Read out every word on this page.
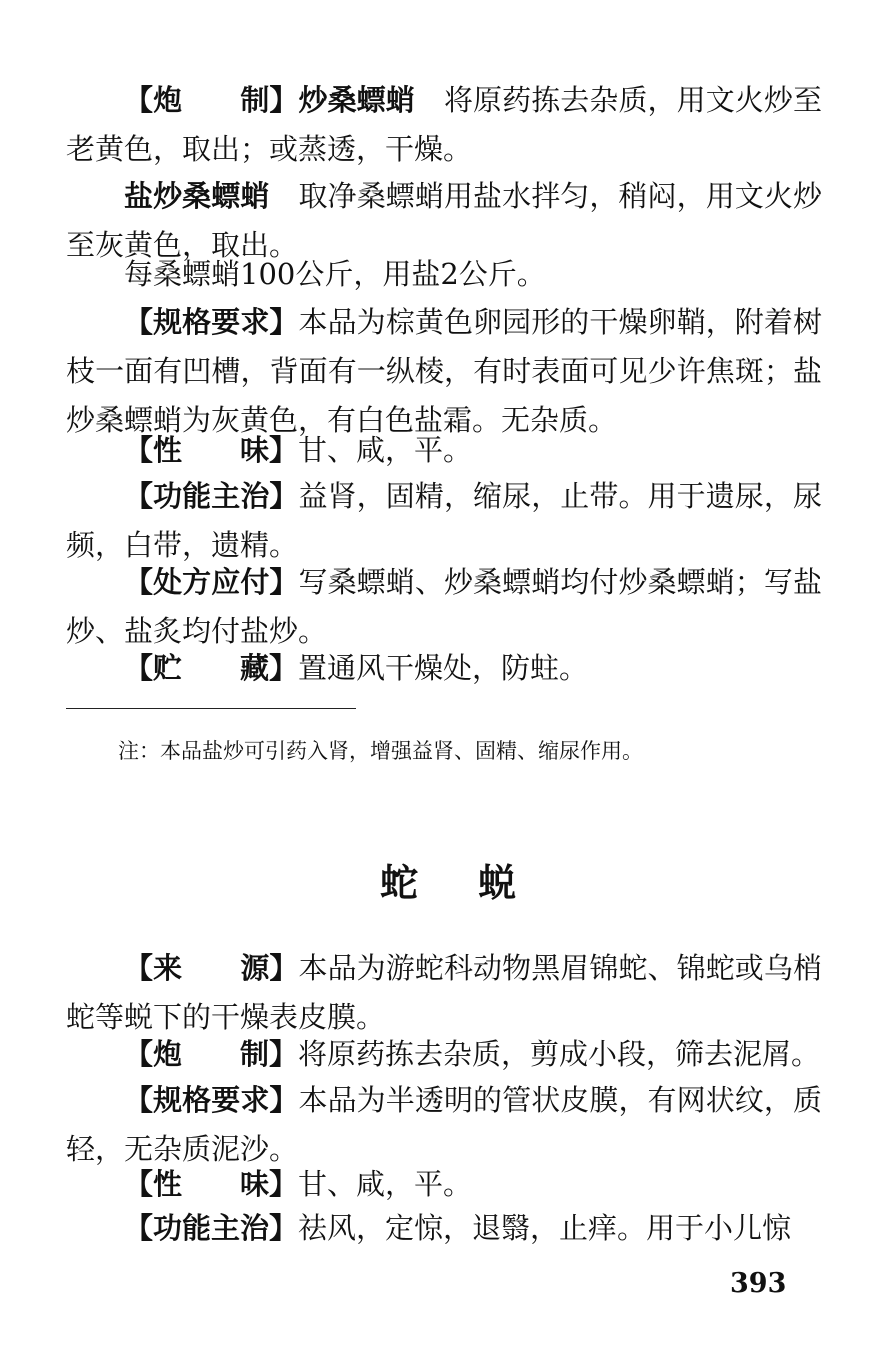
【炮　　制】炒桑螵蛸　将原药拣去杂质，用文火炒至老黄色，取出；或蒸透，干燥。

盐炒桑螵蛸　取净桑螵蛸用盐水拌匀，稍闷，用文火炒至灰黄色，取出。

每桑螵蛸100公斤，用盐2公斤。

【规格要求】本品为棕黄色卵园形的干燥卵鞘，附着树枝一面有凹槽，背面有一纵棱，有时表面可见少许焦斑；盐炒桑螵蛸为灰黄色，有白色盐霜。无杂质。

【性　　味】甘、咸，平。

【功能主治】益肾，固精，缩尿，止带。用于遗尿，尿频，白带，遗精。

【处方应付】写桑螵蛸、炒桑螵蛸均付炒桑螵蛸；写盐炒、盐炙均付盐炒。

【贮　　藏】置通风干燥处，防蛀。

注：本品盐炒可引药入肾，增强益肾、固精、缩尿作用。

蛇蜕

【来　　源】本品为游蛇科动物黑眉锦蛇、锦蛇或乌梢蛇等蜕下的干燥表皮膜。

【炮　　制】将原药拣去杂质，剪成小段，筛去泥屑。

【规格要求】本品为半透明的管状皮膜，有网状纹，质轻，无杂质泥沙。

【性　　味】甘、咸，平。

【功能主治】祛风，定惊，退翳，止痒。用于小儿惊

393
